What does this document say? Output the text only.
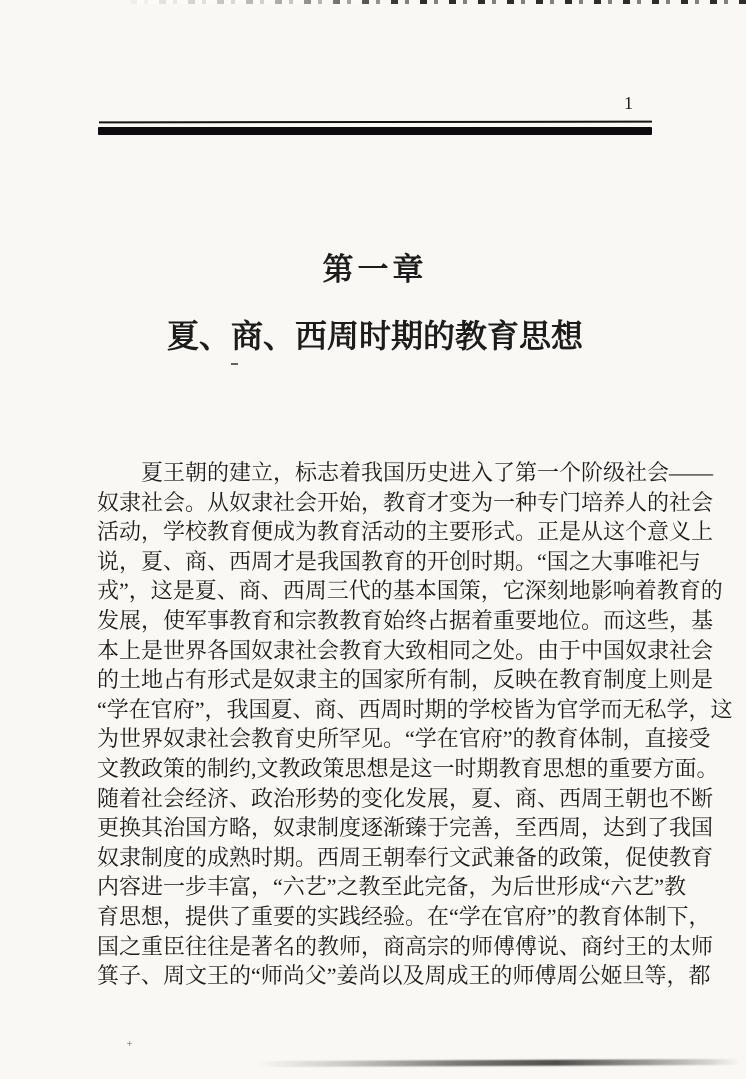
1
第一章
夏、商、西周时期的教育思想
夏王朝的建立，标志着我国历史进入了第一个阶级社会——
奴隶社会。从奴隶社会开始，教育才变为一种专门培养人的社会
活动，学校教育便成为教育活动的主要形式。正是从这个意义上
说，夏、商、西周才是我国教育的开创时期。“国之大事唯祀与
戎”，这是夏、商、西周三代的基本国策，它深刻地影响着教育的
发展，使军事教育和宗教教育始终占据着重要地位。而这些，基
本上是世界各国奴隶社会教育大致相同之处。由于中国奴隶社会
的土地占有形式是奴隶主的国家所有制，反映在教育制度上则是
“学在官府”，我国夏、商、西周时期的学校皆为官学而无私学，这
为世界奴隶社会教育史所罕见。“学在官府”的教育体制，直接受
文教政策的制约,文教政策思想是这一时期教育思想的重要方面。
随着社会经济、政治形势的变化发展，夏、商、西周王朝也不断
更换其治国方略，奴隶制度逐渐臻于完善，至西周，达到了我国
奴隶制度的成熟时期。西周王朝奉行文武兼备的政策，促使教育
内容进一步丰富，“六艺”之教至此完备，为后世形成“六艺”教
育思想，提供了重要的实践经验。在“学在官府”的教育体制下，
国之重臣往往是著名的教师，商高宗的师傅傅说、商纣王的太师
箕子、周文王的“师尚父”姜尚以及周成王的师傅周公姬旦等，都
